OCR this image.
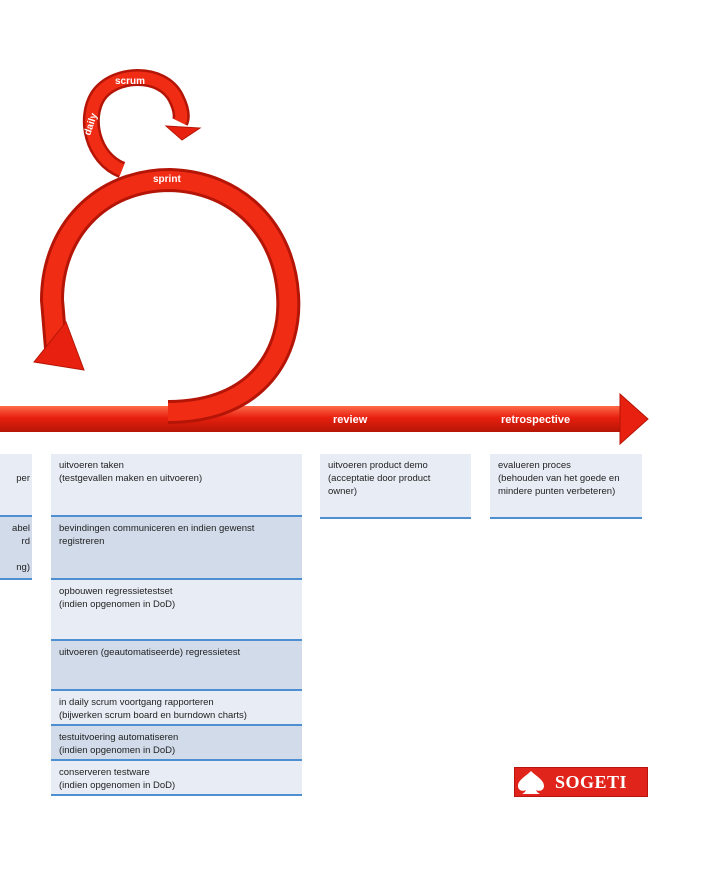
daily
scrum
sprint
review	retrospective

per

abel
rd

ng)
uitvoeren taken
(testgevallen maken en uitvoeren)
bevindingen communiceren en indien gewenst
registreren
opbouwen regressietestset
(indien opgenomen in DoD)
uitvoeren (geautomatiseerde) regressietest
in daily scrum voortgang rapporteren
(bijwerken scrum board en burndown charts)
testuitvoering automatiseren
(indien opgenomen in DoD)
conserveren testware
(indien opgenomen in DoD)
uitvoeren product demo
(acceptatie door product
owner)
evalueren proces
(behouden van het goede en
mindere punten verbeteren)
SOGETI
